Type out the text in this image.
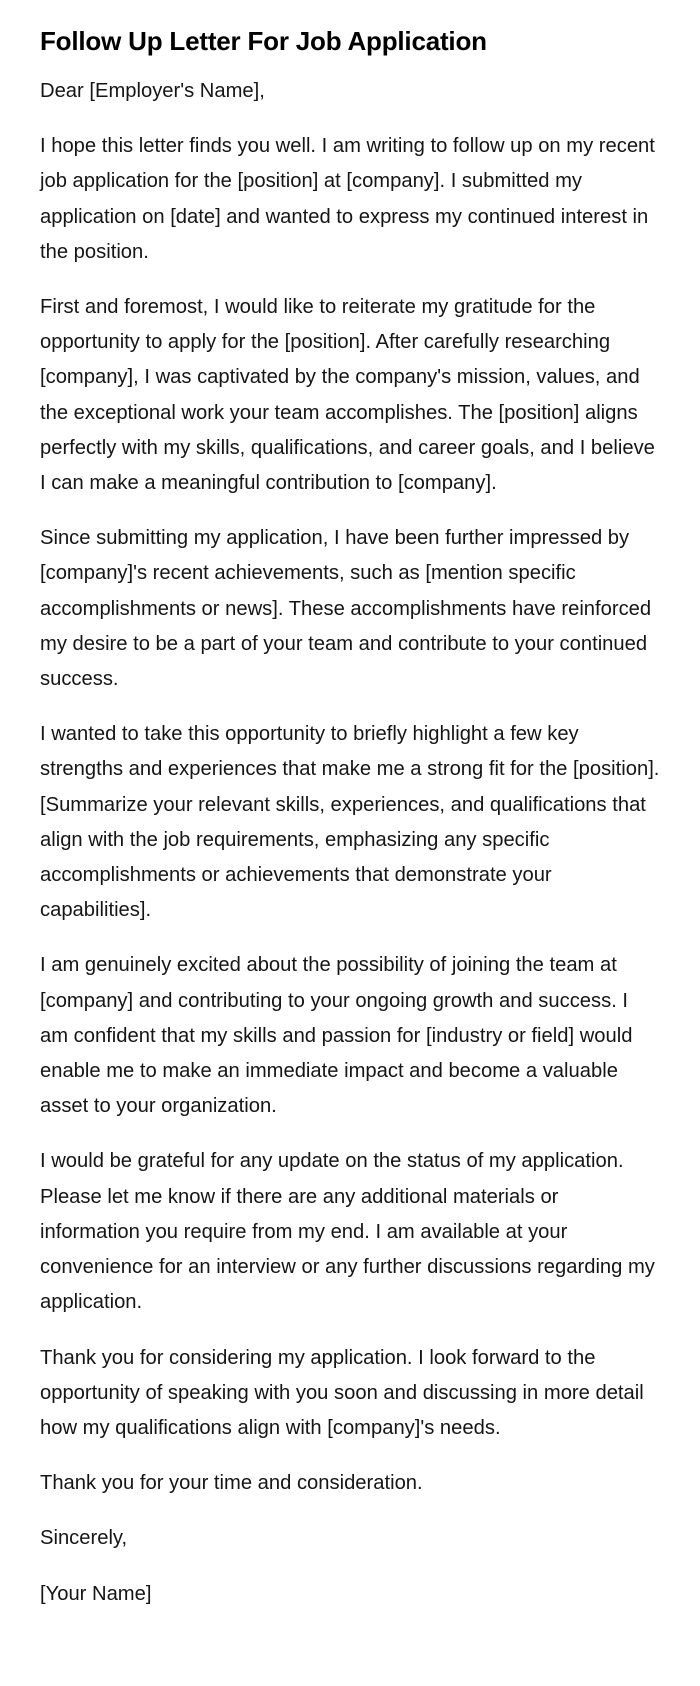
Follow Up Letter For Job Application

Dear [Employer's Name],

I hope this letter finds you well. I am writing to follow up on my recent job application for the [position] at [company]. I submitted my application on [date] and wanted to express my continued interest in the position.

First and foremost, I would like to reiterate my gratitude for the opportunity to apply for the [position]. After carefully researching [company], I was captivated by the company's mission, values, and the exceptional work your team accomplishes. The [position] aligns perfectly with my skills, qualifications, and career goals, and I believe I can make a meaningful contribution to [company].

Since submitting my application, I have been further impressed by [company]'s recent achievements, such as [mention specific accomplishments or news]. These accomplishments have reinforced my desire to be a part of your team and contribute to your continued success.

I wanted to take this opportunity to briefly highlight a few key strengths and experiences that make me a strong fit for the [position]. [Summarize your relevant skills, experiences, and qualifications that align with the job requirements, emphasizing any specific accomplishments or achievements that demonstrate your capabilities].

I am genuinely excited about the possibility of joining the team at [company] and contributing to your ongoing growth and success. I am confident that my skills and passion for [industry or field] would enable me to make an immediate impact and become a valuable asset to your organization.

I would be grateful for any update on the status of my application. Please let me know if there are any additional materials or information you require from my end. I am available at your convenience for an interview or any further discussions regarding my application.

Thank you for considering my application. I look forward to the opportunity of speaking with you soon and discussing in more detail how my qualifications align with [company]'s needs.

Thank you for your time and consideration.

Sincerely,

[Your Name]
